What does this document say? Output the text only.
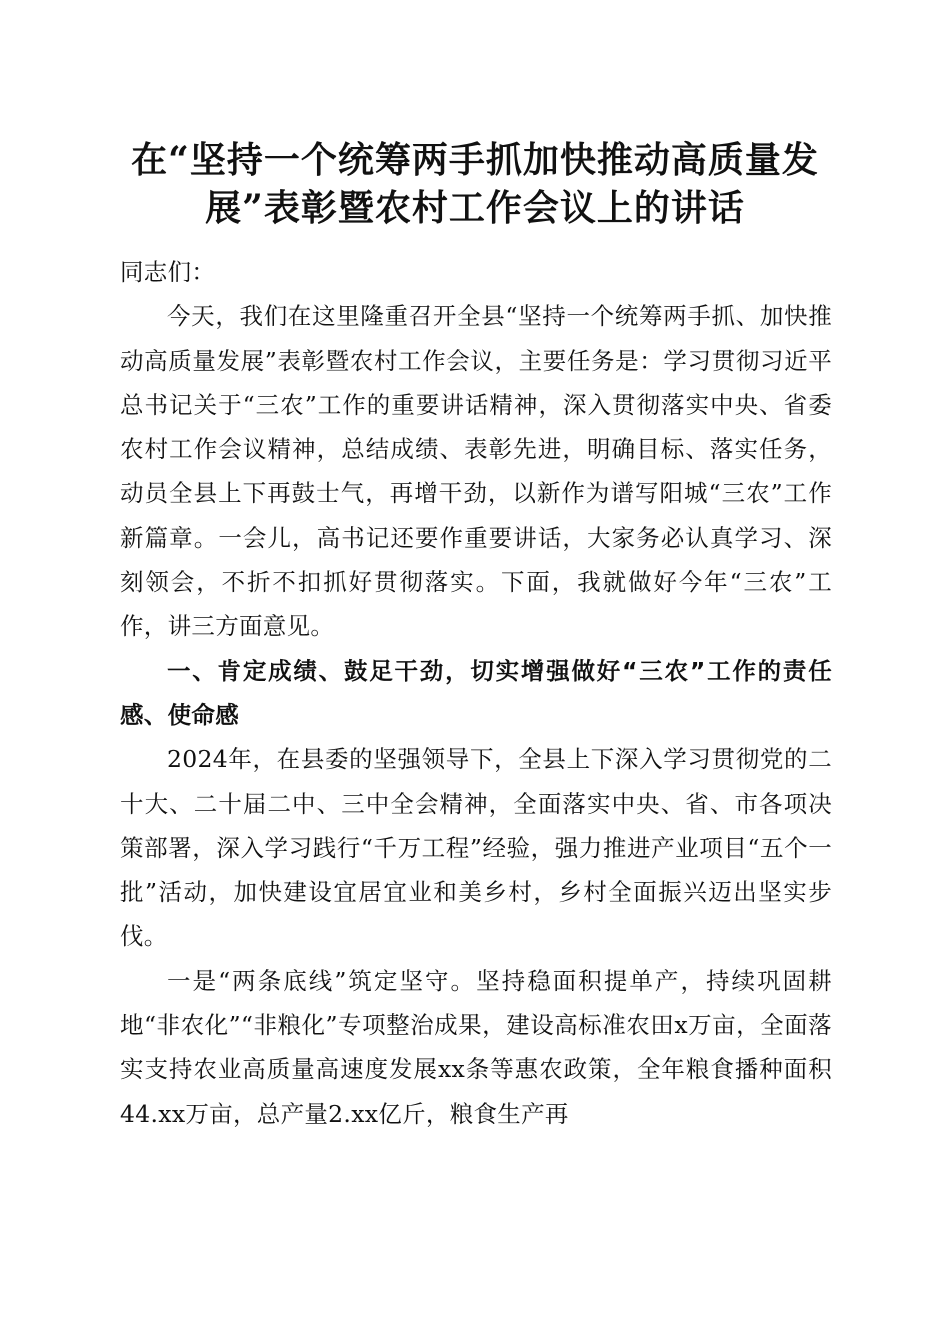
在“坚持一个统筹两手抓加快推动高质量发
展”表彰暨农村工作会议上的讲话

同志们：

今天，我们在这里隆重召开全县“坚持一个统筹两手抓、加快推动高质量发展”表彰暨农村工作会议，主要任务是：学习贯彻习近平总书记关于“三农”工作的重要讲话精神，深入贯彻落实中央、省委农村工作会议精神，总结成绩、表彰先进，明确目标、落实任务，动员全县上下再鼓士气，再增干劲，以新作为谱写阳城“三农”工作新篇章。一会儿，高书记还要作重要讲话，大家务必认真学习、深刻领会，不折不扣抓好贯彻落实。下面，我就做好今年“三农”工作，讲三方面意见。

一、肯定成绩、鼓足干劲，切实增强做好“三农”工作的责任感、使命感

2024年，在县委的坚强领导下，全县上下深入学习贯彻党的二十大、二十届二中、三中全会精神，全面落实中央、省、市各项决策部署，深入学习践行“千万工程”经验，强力推进产业项目“五个一批”活动，加快建设宜居宜业和美乡村，乡村全面振兴迈出坚实步伐。

一是“两条底线”筑定坚守。坚持稳面积提单产，持续巩固耕地“非农化”“非粮化”专项整治成果，建设高标准农田x万亩，全面落实支持农业高质量高速度发展xx条等惠农政策，全年粮食播种面积44.xx万亩，总产量2.xx亿斤，粮食生产再
